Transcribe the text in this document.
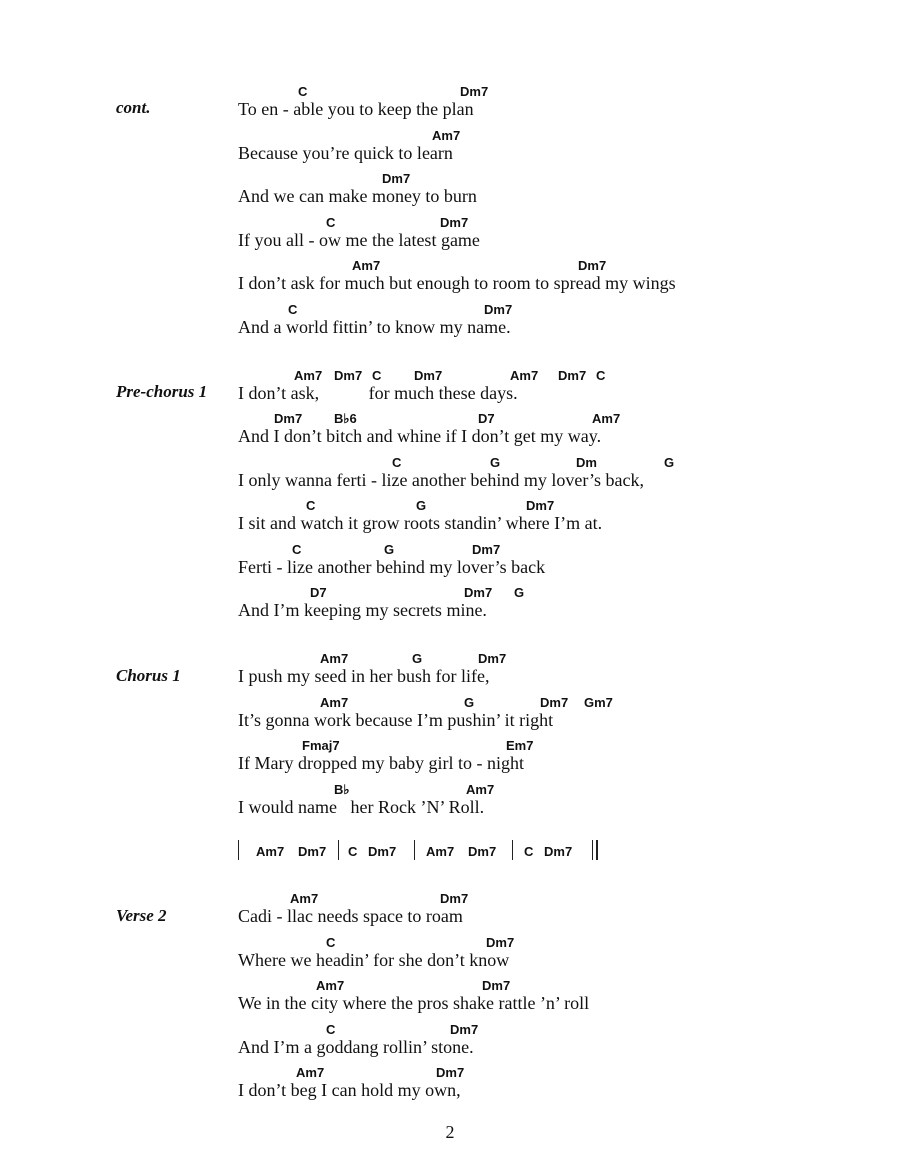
cont.
Pre-chorus 1
Chorus 1
Verse 2
C	Dm7
To en - able you to keep the plan
Am7
Because you’re quick to learn
Dm7
And we can make money to burn
C	Dm7
If you all - ow me the latest game
Am7	Dm7
I don’t ask for much but enough to room to spread my wings
C	Dm7
And a world fittin’ to know my name.
Am7 Dm7 C	Dm7	Am7 Dm7 C
I don’t ask,           for much these days.
Dm7 B♭6	D7	Am7
And I don’t bitch and whine if I don’t get my way.
C	G	Dm	G
I only wanna ferti - lize another behind my lover’s back,
C	G	Dm7
I sit and watch it grow roots standin’ where I’m at.
C	G	Dm7
Ferti - lize another behind my lover’s back
D7	Dm7 G
And I’m keeping my secrets mine.
Am7	G	Dm7
I push my seed in her bush for life,
Am7	G	Dm7 Gm7
It’s gonna work because I’m pushin’ it right
Fmaj7	Em7
If Mary dropped my baby girl to - night
B♭	Am7
I would name   her Rock ’N’ Roll.
Am7 Dm7 C Dm7 Am7 Dm7 C Dm7
Am7	Dm7
Cadi - llac needs space to roam
C	Dm7
Where we headin’ for she don’t know
Am7	Dm7
We in the city where the pros shake rattle ’n’ roll
C	Dm7
And I’m a goddang rollin’ stone.
Am7	Dm7
I don’t beg I can hold my own,
2
